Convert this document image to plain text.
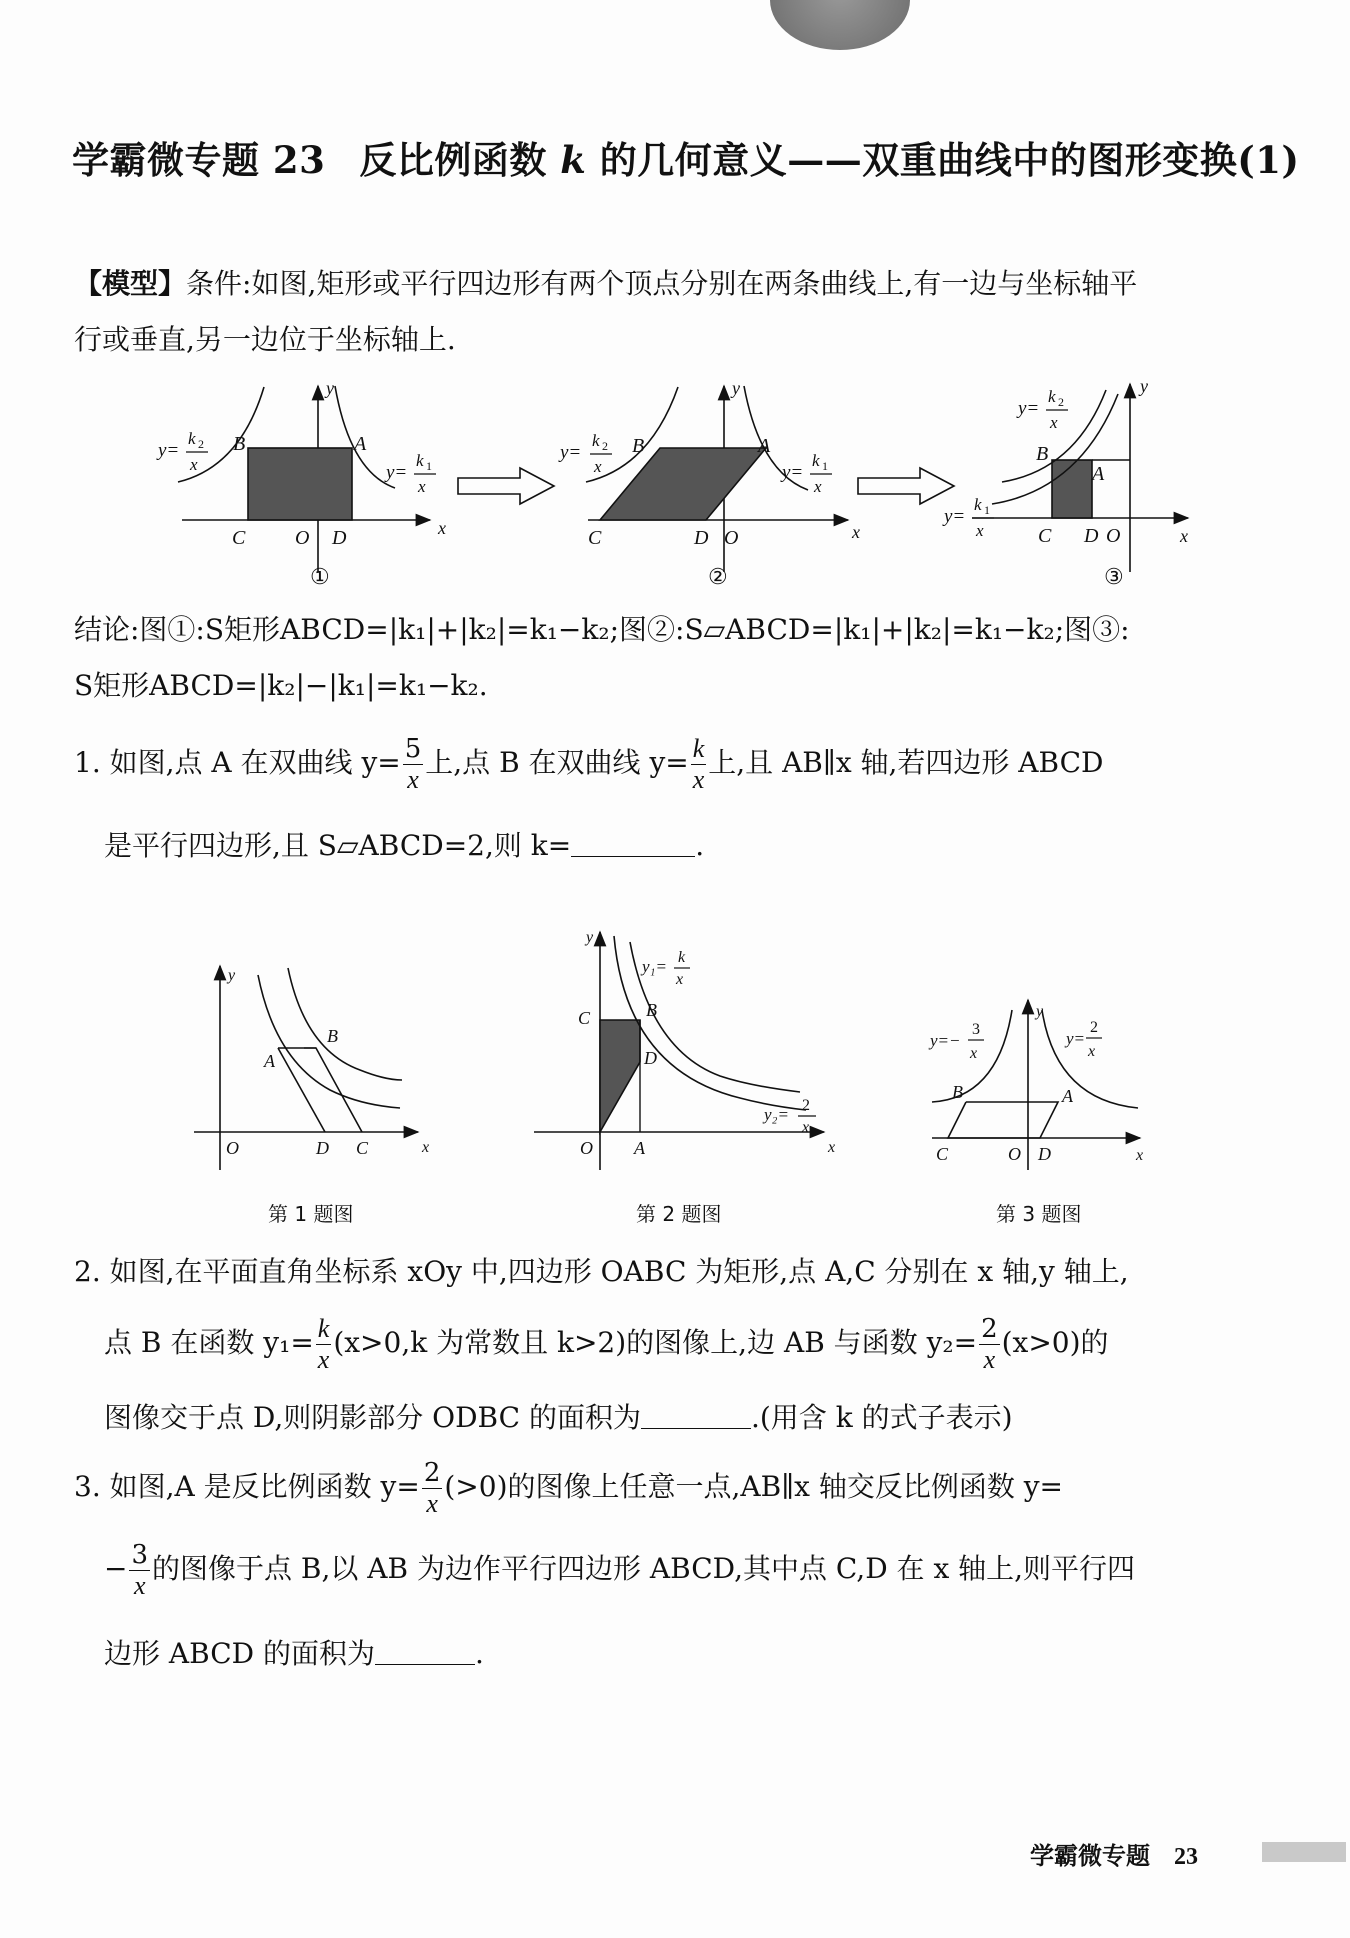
学霸微专题 23 反比例函数 k 的几何意义——双重曲线中的图形变换(1)
【模型】条件:如图,矩形或平行四边形有两个顶点分别在两条曲线上,有一边与坐标轴平
行或垂直,另一边位于坐标轴上.
B	A
C O D	x
y
y=
k 2
x	y=
k 1
x
①
B	A
C	D O	x
y
y=
k 2
x	y=
k 1
x
②
B
A
C D O	x
y
y=
k 2
x
y=
k 1
x
③
结论:图①:S矩形ABCD=|k₁|+|k₂|=k₁−k₂;图②:S▱ABCD=|k₁|+|k₂|=k₁−k₂;图③:
S矩形ABCD=|k₂|−|k₁|=k₁−k₂.
1. 如图,点 A 在双曲线 $y= \frac{5}{x}$ 上,点 B 在双曲线 $y= \frac{k}{x}$ 上,且 AB∥x 轴,若四边形 ABCD
是平行四边形,且 S▱ABCD=2,则 k=	.
A
B
D C
O	x
y
C	B
D
O A	x
y
y₁= k
x
y₂= 2
x
B	A
C	O D	x
y
y=−
3
x
y=
2
x
第 1 题图	第 2 题图	第 3 题图
2. 如图,在平面直角坐标系 xOy 中,四边形 OABC 为矩形,点 A,C 分别在 x 轴,y 轴上,
点 B 在函数 $y_1= \frac{k}{x} (x>0,k$ 为常数且 k>2)的图像上,边 AB 与函数 $y_2= \frac{2}{x} (x>0)$的
图像交于点 D,则阴影部分 ODBC 的面积为	.(用含 k 的式子表示)
3. 如图,A 是反比例函数 $y= \frac{2}{x} (>0)$的图像上任意一点,AB∥x 轴交反比例函数 y=
− $\frac{3}{x}$ 的图像于点 B,以 AB 为边作平行四边形 ABCD,其中点 C,D 在 x 轴上,则平行四
边形 ABCD 的面积为	.
学霸微专题 23
